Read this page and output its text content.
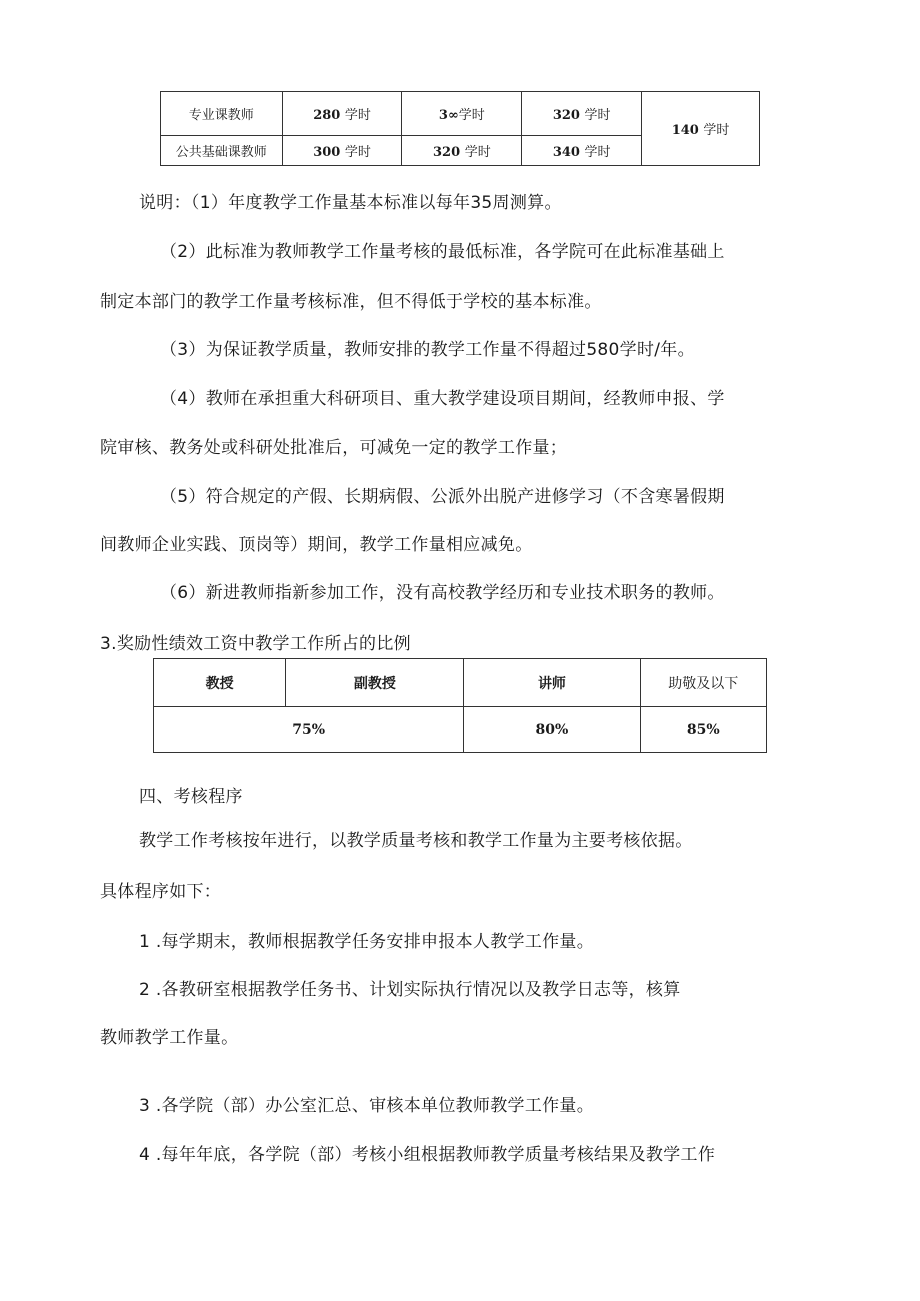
专业课教师	280 学时	3∞学时	320 学时	140 学时
公共基础课教师	300 学时	320 学时	340 学时	
说明：（1）年度教学工作量基本标准以每年35周测算。
（2）此标准为教师教学工作量考核的最低标准，各学院可在此标准基础上
制定本部门的教学工作量考核标准，但不得低于学校的基本标准。
（3）为保证教学质量，教师安排的教学工作量不得超过580学时/年。
（4）教师在承担重大科研项目、重大教学建设项目期间，经教师申报、学
院审核、教务处或科研处批准后，可减免一定的教学工作量；
（5）符合规定的产假、长期病假、公派外出脱产进修学习（不含寒暑假期
间教师企业实践、顶岗等）期间，教学工作量相应减免。
（6）新进教师指新参加工作，没有高校教学经历和专业技术职务的教师。
3.奖励性绩效工资中教学工作所占的比例
教授	副教授	讲师	助敬及以下
75%		80%	85%
四、考核程序
教学工作考核按年进行，以教学质量考核和教学工作量为主要考核依据。
具体程序如下：
1 .每学期末，教师根据教学任务安排申报本人教学工作量。
2 .各教研室根据教学任务书、计划实际执行情况以及教学日志等，核算
教师教学工作量。
3 .各学院（部）办公室汇总、审核本单位教师教学工作量。
4 .每年年底，各学院（部）考核小组根据教师教学质量考核结果及教学工作
